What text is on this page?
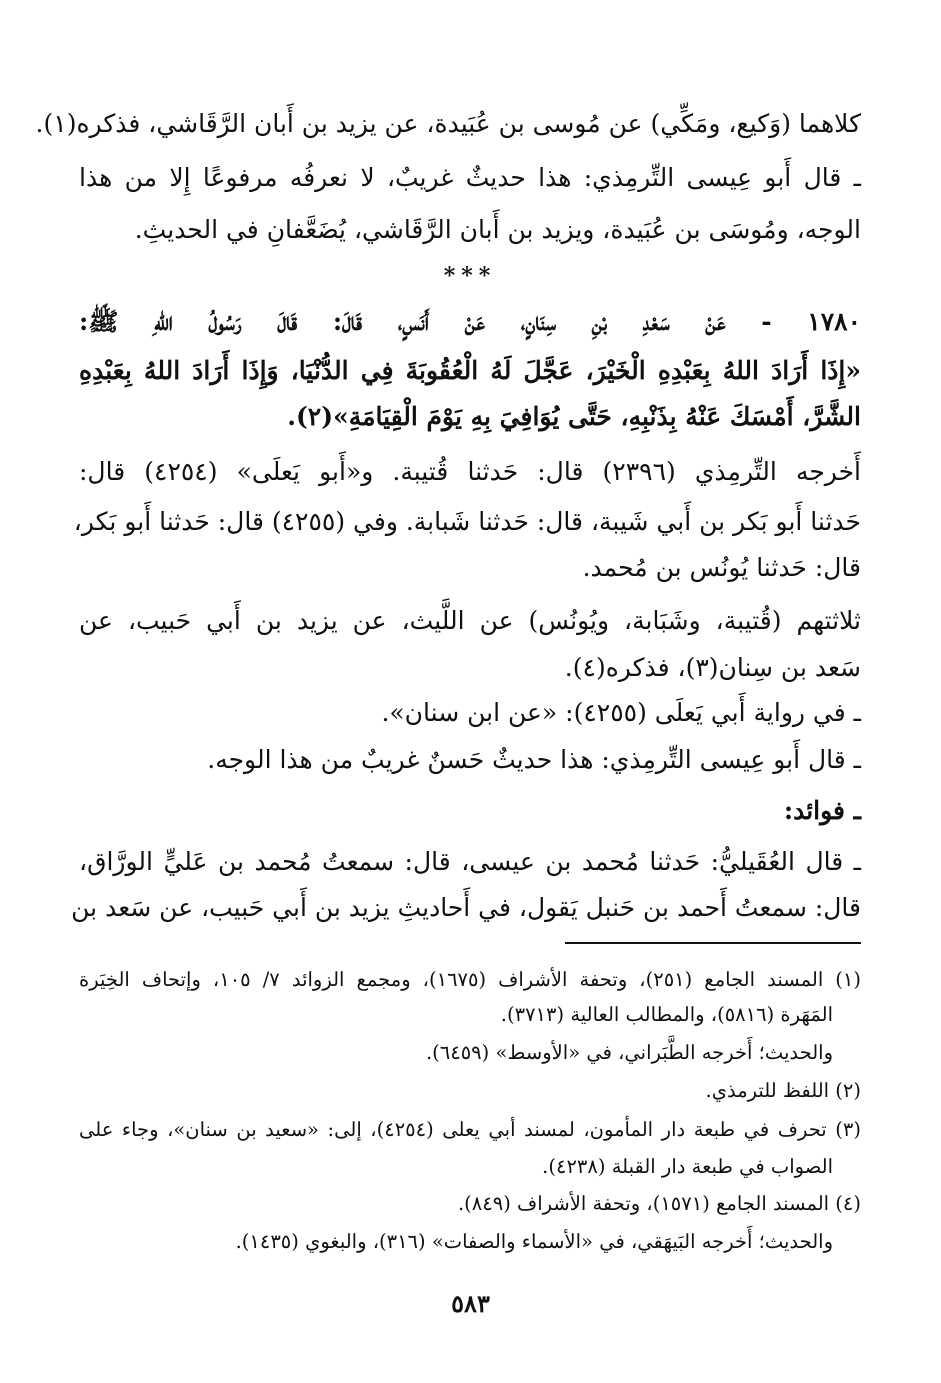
كلاهما (وَكيع، ومَكِّي) عن مُوسى بن عُبَيدة، عن يزيد بن أَبان الرَّقَاشي، فذكره(١).
ـ قال أَبو عِيسى التِّرمِذي: هذا حديثٌ غريبٌ، لا نعرفُه مرفوعًا إِلا من هذا
الوجه، ومُوسَى بن عُبَيدة، ويزيد بن أَبان الرَّقَاشي، يُضَعَّفانِ في الحديثِ.
***
١٧٨٠ - عَنْ سَعْدِ بْنِ سِنَانٍ، عَنْ أَنَسٍ، قَالَ: قَالَ رَسُولُ اللهِ ﷺ:
«إِذَا أَرَادَ اللهُ بِعَبْدِهِ الْخَيْرَ، عَجَّلَ لَهُ الْعُقُوبَةَ فِي الدُّنْيَا، وَإِذَا أَرَادَ اللهُ بِعَبْدِهِ
الشَّرَّ، أَمْسَكَ عَنْهُ بِذَنْبِهِ، حَتَّى يُوَافِيَ بِهِ يَوْمَ الْقِيَامَةِ»(٢).
أَخرجه التِّرمِذي (٢٣٩٦) قال: حَدثنا قُتيبة. و«أَبو يَعلَى» (٤٢٥٤) قال:
حَدثنا أَبو بَكر بن أَبي شَيبة، قال: حَدثنا شَبابة. وفي (٤٢٥٥) قال: حَدثنا أَبو بَكر،
قال: حَدثنا يُونُس بن مُحمد.
ثلاثتهم (قُتيبة، وشَبَابة، ويُونُس) عن اللَّيث، عن يزيد بن أَبي حَبيب، عن
سَعد بن سِنان(٣)، فذكره(٤).
ـ في رواية أَبي يَعلَى (٤٢٥٥): «عن ابن سنان».
ـ قال أَبو عِيسى التِّرمِذي: هذا حديثٌ حَسنٌ غريبٌ من هذا الوجه.
ـ فوائد:
ـ قال العُقَيليُّ: حَدثنا مُحمد بن عيسى، قال: سمعتُ مُحمد بن عَليٍّ الورَّاق،
قال: سمعتُ أَحمد بن حَنبل يَقول، في أَحاديثِ يزيد بن أَبي حَبيب، عن سَعد بن
(١) المسند الجامع (٢٥١)، وتحفة الأشراف (١٦٧٥)، ومجمع الزوائد ٧/ ١٠٥، وإتحاف الخِيَرة
المَهَرة (٥٨١٦)، والمطالب العالية (٣٧١٣).
والحديث؛ أَخرجه الطَّبَراني، في «الأوسط» (٦٤٥٩).
(٢) اللفظ للترمذي.
(٣) تحرف في طبعة دار المأمون، لمسند أبي يعلى (٤٢٥٤)، إلى: «سعيد بن سنان»، وجاء على
الصواب في طبعة دار القبلة (٤٢٣٨).
(٤) المسند الجامع (١٥٧١)، وتحفة الأشراف (٨٤٩).
والحديث؛ أَخرجه البَيهَقي، في «الأسماء والصفات» (٣١٦)، والبغوي (١٤٣٥).
٥٨٣
